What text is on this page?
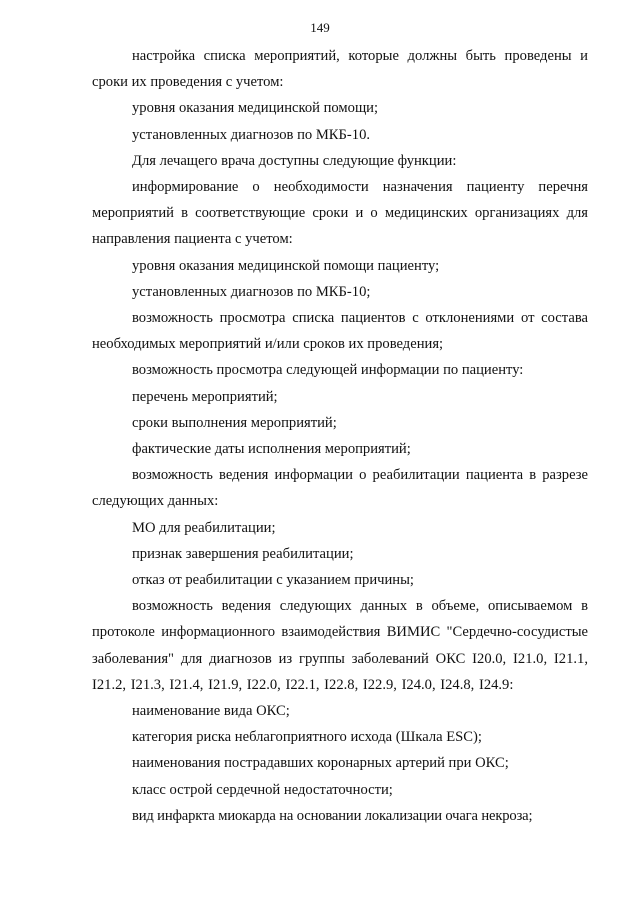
149

настройка списка мероприятий, которые должны быть проведены и сроки их проведения с учетом:

уровня оказания медицинской помощи;

установленных диагнозов по МКБ-10.

Для лечащего врача доступны следующие функции:

информирование о необходимости назначения пациенту перечня мероприятий в соответствующие сроки и о медицинских организациях для направления пациента с учетом:

уровня оказания медицинской помощи пациенту;

установленных диагнозов по МКБ-10;

возможность просмотра списка пациентов с отклонениями от состава необходимых мероприятий и/или сроков их проведения;

возможность просмотра следующей информации по пациенту:

перечень мероприятий;

сроки выполнения мероприятий;

фактические даты исполнения мероприятий;

возможность ведения информации о реабилитации пациента в разрезе следующих данных:

МО для реабилитации;

признак завершения реабилитации;

отказ от реабилитации с указанием причины;

возможность ведения следующих данных в объеме, описываемом в протоколе информационного взаимодействия ВИМИС "Сердечно-сосудистые заболевания" для диагнозов из группы заболеваний ОКС I20.0, I21.0, I21.1, I21.2, I21.3, I21.4, I21.9, I22.0, I22.1, I22.8, I22.9, I24.0, I24.8, I24.9:

наименование вида ОКС;

категория риска неблагоприятного исхода (Шкала ESC);

наименования пострадавших коронарных артерий при ОКС;

класс острой сердечной недостаточности;

вид инфаркта миокарда на основании локализации очага некроза;
